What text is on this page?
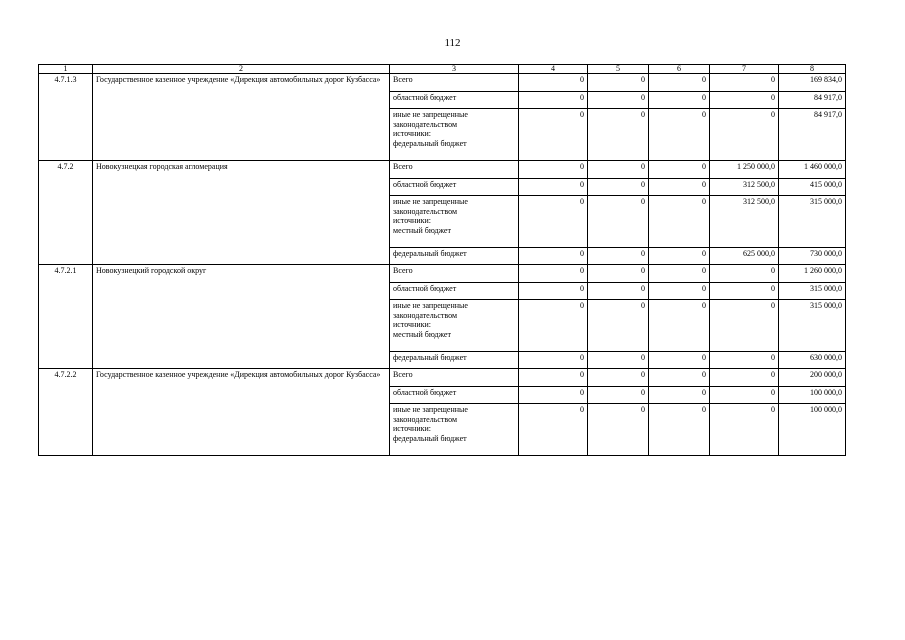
112
1	2	3	4	5	6	7	8
4.7.1.3	Государственное казенное учреждение «Дирекция автомобильных дорог Кузбасса»	Всего	0	0	0	0	169 834,0
		областной бюджет	0	0	0	0	84 917,0

		иные не запрещенные
законодательством
источники:
федеральный бюджет	0	0	0	0	84 917,0
4.7.2	Новокузнецкая городская агломерация	Всего	0	0	0	1 250 000,0	1 460 000,0
		областной бюджет	0	0	0	312 500,0	415 000,0

		иные не запрещенные
законодательством
источники:
местный бюджет	0	0	0	312 500,0	315 000,0
		федеральный бюджет	0	0	0	625 000,0	730 000,0
4.7.2.1	Новокузнецкий городской округ	Всего	0	0	0	0	1 260 000,0
		областной бюджет	0	0	0	0	315 000,0

		иные не запрещенные
законодательством
источники:
местный бюджет	0	0	0	0	315 000,0
		федеральный бюджет	0	0	0	0	630 000,0
4.7.2.2	Государственное казенное учреждение «Дирекция автомобильных дорог Кузбасса»	Всего	0	0	0	0	200 000,0
		областной бюджет	0	0	0	0	100 000,0

		иные не запрещенные
законодательством
источники:
федеральный бюджет	0	0	0	0	100 000,0
